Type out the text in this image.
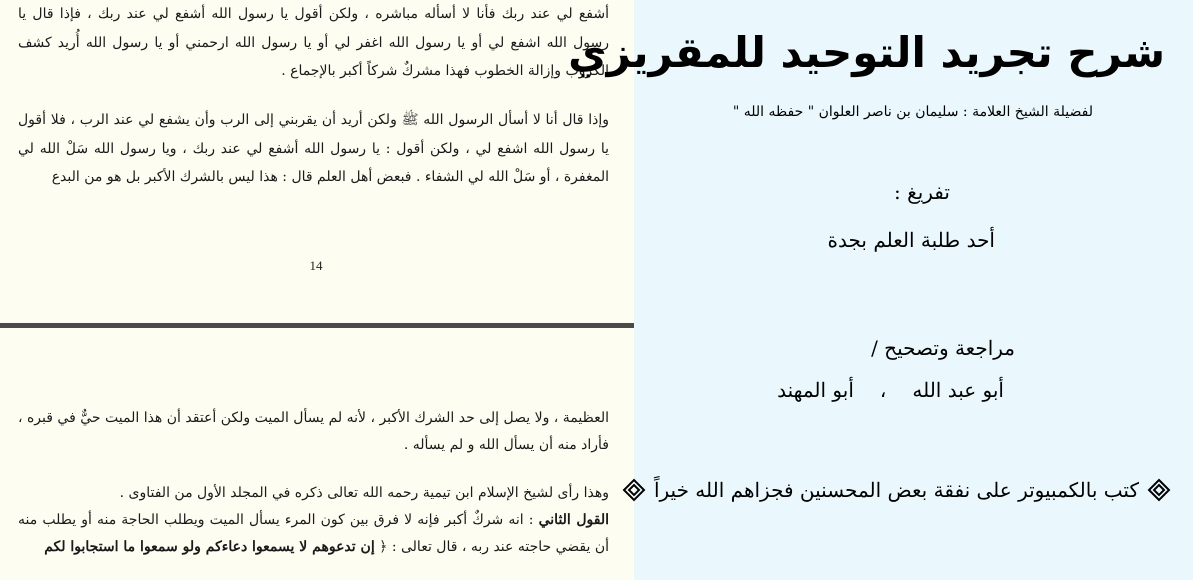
أشفع لي عند ربك فأنا لا أسأله مباشره ، ولكن أقول يا رسول الله أشفع لي عند ربك ، فإذا قال يا رسول الله اشفع لي أو يا رسول الله اغفر لي أو يا رسول الله ارحمني أو يا رسول الله أُريد كشف الكروب وإزالة الخطوب فهذا مشركٌ شركاً أكبر بالإجماع .

وإذا قال أنا لا أسأل الرسول الله ﷺ ولكن أريد أن يقربني إلى الرب وأن يشفع لي عند الرب ، فلا أقول يا رسول الله اشفع لي ، ولكن أقول : يا رسول الله أشفع لي عند ربك ، ويا رسول الله سَلْ الله لي المغفرة ، أو سَلْ الله لي الشفاء . فبعض أهل العلم قال : هذا ليس بالشرك الأكبر بل هو من البدع

14

العظيمة ، ولا يصل إلى حد الشرك الأكبر ، لأنه لم يسأل الميت ولكن أعتقد أن هذا الميت حيٌّ في قبره ، فأراد منه أن يسأل الله و لم يسأله .

وهذا رأى لشيخ الإسلام ابن تيمية رحمه الله تعالى ذكره في المجلد الأول من الفتاوى .

القول الثاني : انه شركٌ أكبر فإنه لا فرق بين كون المرء يسأل الميت ويطلب الحاجة منه أو يطلب منه أن يقضي حاجته عند ربه ، قال تعالى : ﴿ إن تدعوهم لا يسمعوا دعاءكم ولو سمعوا ما استجابوا لكم

شرح تجريد التوحيد للمقريزي
لفضيلة الشيخ العلامة : سليمان بن ناصر العلوان " حفظه الله "
تفريغ :
أحد طلبة العلم بجدة
مراجعة وتصحيح /
أبو عبد الله،أبو المهند
كتب بالكمبيوتر على نفقة بعض المحسنين فجزاهم الله خيراً
